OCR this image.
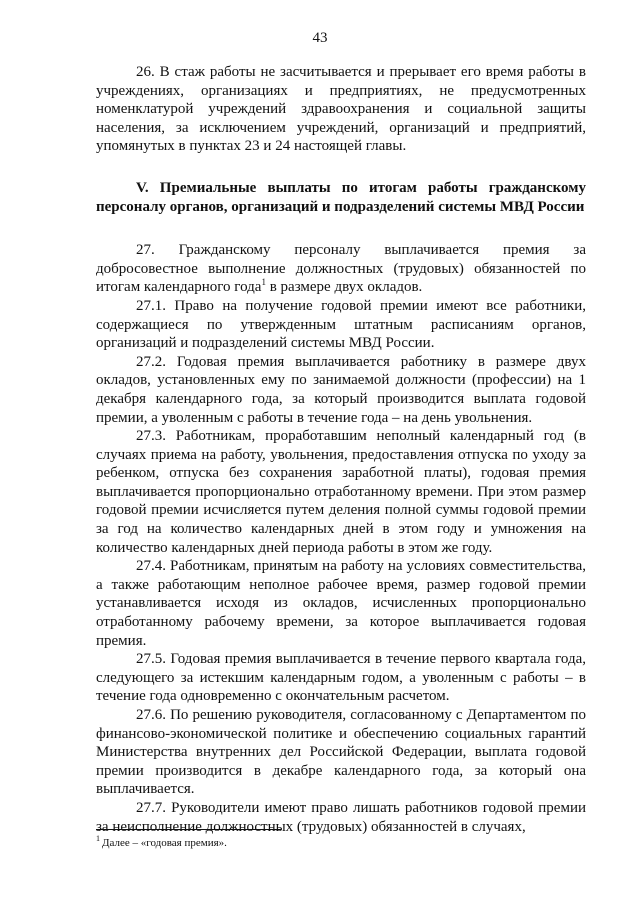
43

26. В стаж работы не засчитывается и прерывает его время работы в учреждениях, организациях и предприятиях, не предусмотренных номенклатурой учреждений здравоохранения и социальной защиты населения, за исключением учреждений, организаций и предприятий, упомянутых в пунктах 23 и 24 настоящей главы.

V. Премиальные выплаты по итогам работы гражданскому персоналу органов, организаций и подразделений системы МВД России

27. Гражданскому персоналу выплачивается премия за добросовестное выполнение должностных (трудовых) обязанностей по итогам календарного года$^1$ в размере двух окладов.

27.1. Право на получение годовой премии имеют все работники, содержащиеся по утвержденным штатным расписаниям органов, организаций и подразделений системы МВД России.

27.2. Годовая премия выплачивается работнику в размере двух окладов, установленных ему по занимаемой должности (профессии) на 1 декабря календарного года, за который производится выплата годовой премии, а уволенным с работы в течение года – на день увольнения.

27.3. Работникам, проработавшим неполный календарный год (в случаях приема на работу, увольнения, предоставления отпуска по уходу за ребенком, отпуска без сохранения заработной платы), годовая премия выплачивается пропорционально отработанному времени. При этом размер годовой премии исчисляется путем деления полной суммы годовой премии за год на количество календарных дней в этом году и умножения на количество календарных дней периода работы в этом же году.

27.4. Работникам, принятым на работу на условиях совместительства, а также работающим неполное рабочее время, размер годовой премии устанавливается исходя из окладов, исчисленных пропорционально отработанному рабочему времени, за которое выплачивается годовая премия.

27.5. Годовая премия выплачивается в течение первого квартала года, следующего за истекшим календарным годом, а уволенным с работы – в течение года одновременно с окончательным расчетом.

27.6. По решению руководителя, согласованному с Департаментом по финансово-экономической политике и обеспечению социальных гарантий Министерства внутренних дел Российской Федерации, выплата годовой премии производится в декабре календарного года, за который она выплачивается.

27.7. Руководители имеют право лишать работников годовой премии за неисполнение должностных (трудовых) обязанностей в случаях,

$^1$ Далее – «годовая премия».
